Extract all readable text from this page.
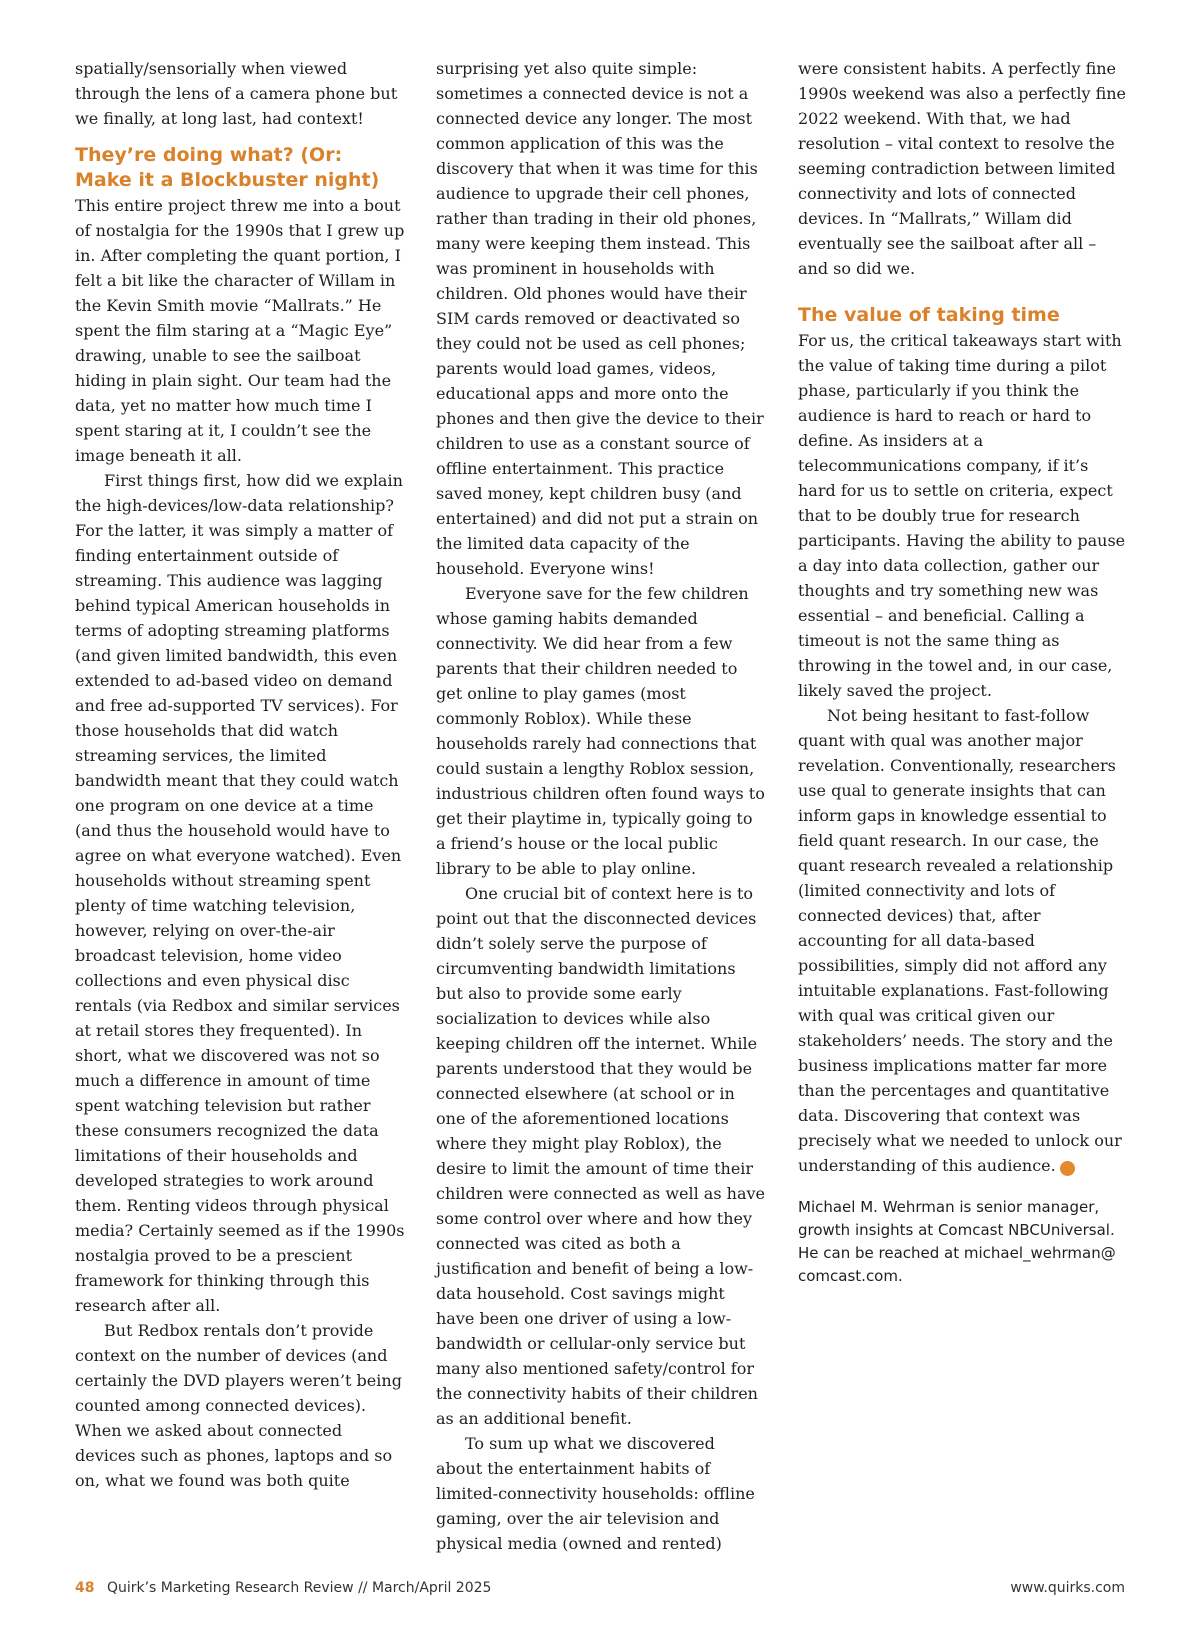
spatially/sensorially when viewed through the lens of a camera phone but we finally, at long last, had context!

They’re doing what? (Or: Make it a Blockbuster night)

This entire project threw me into a bout of nostalgia for the 1990s that I grew up in. After completing the quant portion, I felt a bit like the character of Willam in the Kevin Smith movie “Mallrats.” He spent the film staring at a “Magic Eye” drawing, unable to see the sailboat hiding in plain sight. Our team had the data, yet no matter how much time I spent staring at it, I couldn’t see the image beneath it all.

First things first, how did we explain the high-devices/low-data relationship? For the latter, it was simply a matter of finding entertainment outside of streaming. This audience was lagging behind typical American households in terms of adopting streaming platforms (and given limited bandwidth, this even extended to ad-based video on demand and free ad-supported TV services). For those households that did watch streaming services, the limited bandwidth meant that they could watch one program on one device at a time (and thus the household would have to agree on what everyone watched). Even households without streaming spent plenty of time watching television, however, relying on over-the-air broadcast television, home video collections and even physical disc rentals (via Redbox and similar services at retail stores they frequented). In short, what we discovered was not so much a difference in amount of time spent watching television but rather these consumers recognized the data limitations of their households and developed strategies to work around them. Renting videos through physical media? Certainly seemed as if the 1990s nostalgia proved to be a prescient framework for thinking through this research after all.

But Redbox rentals don’t provide context on the number of devices (and certainly the DVD players weren’t being counted among connected devices). When we asked about connected devices such as phones, laptops and so on, what we found was both quite

surprising yet also quite simple: sometimes a connected device is not a connected device any longer. The most common application of this was the discovery that when it was time for this audience to upgrade their cell phones, rather than trading in their old phones, many were keeping them instead. This was prominent in households with children. Old phones would have their SIM cards removed or deactivated so they could not be used as cell phones; parents would load games, videos, educational apps and more onto the phones and then give the device to their children to use as a constant source of offline entertainment. This practice saved money, kept children busy (and entertained) and did not put a strain on the limited data capacity of the household. Everyone wins!

Everyone save for the few children whose gaming habits demanded connectivity. We did hear from a few parents that their children needed to get online to play games (most commonly Roblox). While these households rarely had connections that could sustain a lengthy Roblox session, industrious children often found ways to get their playtime in, typically going to a friend’s house or the local public library to be able to play online.

One crucial bit of context here is to point out that the disconnected devices didn’t solely serve the purpose of circumventing bandwidth limitations but also to provide some early socialization to devices while also keeping children off the internet. While parents understood that they would be connected elsewhere (at school or in one of the aforementioned locations where they might play Roblox), the desire to limit the amount of time their children were connected as well as have some control over where and how they connected was cited as both a justification and benefit of being a low-data household. Cost savings might have been one driver of using a low-bandwidth or cellular-only service but many also mentioned safety/control for the connectivity habits of their children as an additional benefit.

To sum up what we discovered about the entertainment habits of limited-connectivity households: offline gaming, over the air television and physical media (owned and rented)

were consistent habits. A perfectly fine 1990s weekend was also a perfectly fine 2022 weekend. With that, we had resolution – vital context to resolve the seeming contradiction between limited connectivity and lots of connected devices. In “Mallrats,” Willam did eventually see the sailboat after all – and so did we.

The value of taking time

For us, the critical takeaways start with the value of taking time during a pilot phase, particularly if you think the audience is hard to reach or hard to define. As insiders at a telecommunications company, if it’s hard for us to settle on criteria, expect that to be doubly true for research participants. Having the ability to pause a day into data collection, gather our thoughts and try something new was essential – and beneficial. Calling a timeout is not the same thing as throwing in the towel and, in our case, likely saved the project.

Not being hesitant to fast-follow quant with qual was another major revelation. Conventionally, researchers use qual to generate insights that can inform gaps in knowledge essential to field quant research. In our case, the quant research revealed a relationship (limited connectivity and lots of connected devices) that, after accounting for all data-based possibilities, simply did not afford any intuitable explanations. Fast-following with qual was critical given our stakeholders’ needs. The story and the business implications matter far more than the percentages and quantitative data. Discovering that context was precisely what we needed to unlock our understanding of this audience.	Q

Michael M. Wehrman is senior manager, growth insights at Comcast NBCUniversal. He can be reached at michael_wehrman@ comcast.com.

48 Quirk’s Marketing Research Review // March/April 2025	www.quirks.com
